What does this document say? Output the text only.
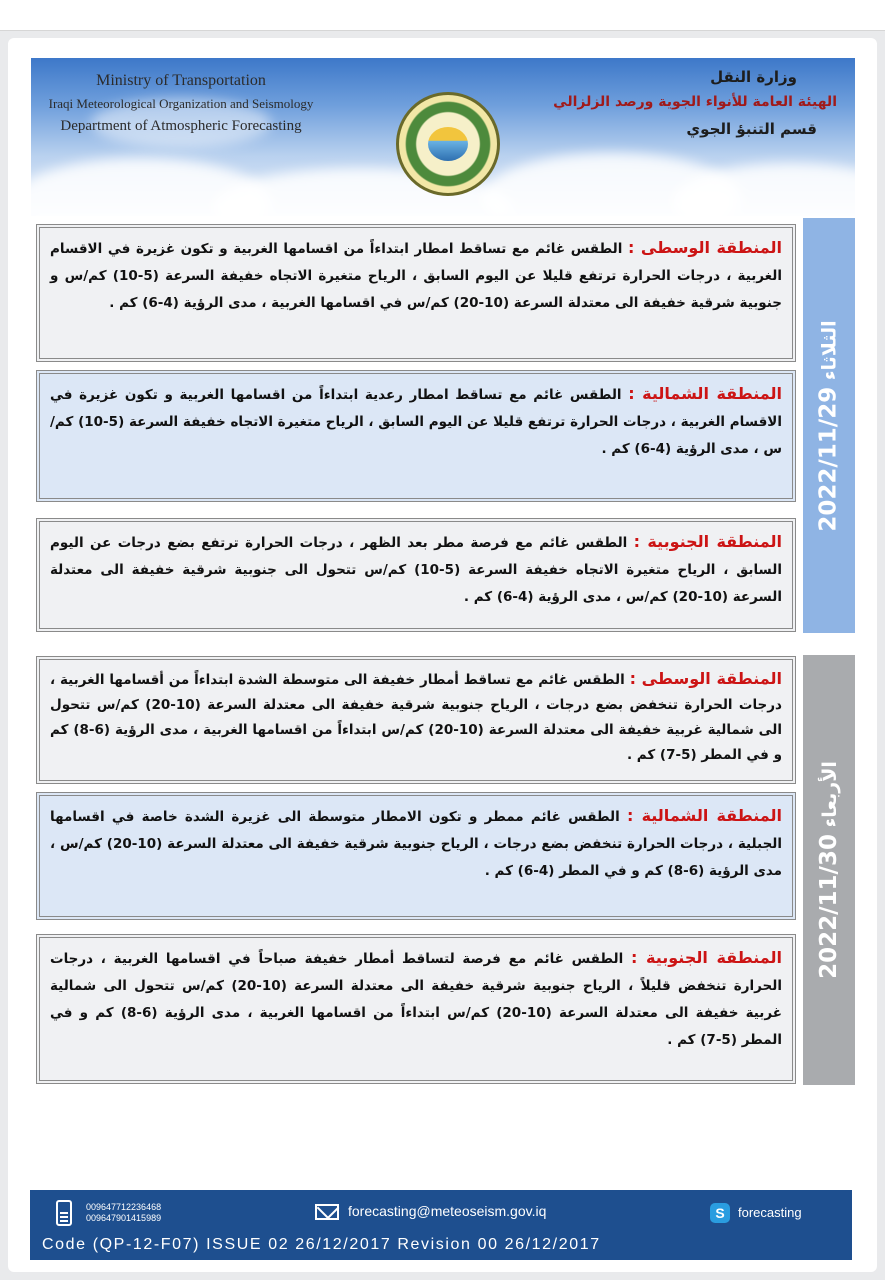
Ministry of Transportation
Iraqi Meteorological Organization and Seismology
Department of Atmospheric Forecasting
وزارة النقل
الهيئة العامة للأنواء الجوية ورصد الزلزالي
قسم التنبؤ الجوي
2022/11/29 الثلاثاء
المنطقة الوسطى : الطقس غائم مع تساقط امطار ابتداءاً من اقسامها الغربية و تكون غزيرة في الاقسام الغربية ، درجات الحرارة ترتفع قليلا عن اليوم السابق ، الرياح متغيرة الاتجاه خفيفة السرعة (5-10) كم/س و جنوبية شرقية خفيفة الى معتدلة السرعة (10-20) كم/س في اقسامها الغربية ، مدى الرؤية (4-6) كم .
المنطقة الشمالية : الطقس غائم مع تساقط امطار رعدية ابتداءاً من اقسامها الغربية و تكون غزيرة في الاقسام الغربية ، درجات الحرارة ترتفع قليلا عن اليوم السابق ، الرياح متغيرة الاتجاه خفيفة السرعة (5-10) كم/س ، مدى الرؤية (4-6) كم .
المنطقة الجنوبية : الطقس غائم مع فرصة مطر بعد الظهر ، درجات الحرارة ترتفع بضع درجات عن اليوم السابق ، الرياح متغيرة الاتجاه خفيفة السرعة (5-10) كم/س تتحول الى جنوبية شرقية خفيفة الى معتدلة السرعة (10-20) كم/س ، مدى الرؤية (4-6) كم .
2022/11/30 الأربعاء
المنطقة الوسطى : الطقس غائم مع تساقط أمطار خفيفة الى متوسطة الشدة ابتداءاً من أقسامها الغربية ، درجات الحرارة تنخفض بضع درجات ، الرياح جنوبية شرقية خفيفة الى معتدلة السرعة (10-20) كم/س تتحول الى شمالية غربية خفيفة الى معتدلة السرعة (10-20) كم/س ابتداءاً من اقسامها الغربية ، مدى الرؤية (6-8) كم و في المطر (5-7) كم .
المنطقة الشمالية : الطقس غائم ممطر و تكون الامطار متوسطة الى غزيرة الشدة خاصة في اقسامها الجبلية ، درجات الحرارة تنخفض بضع درجات ، الرياح جنوبية شرقية خفيفة الى معتدلة السرعة (10-20) كم/س ، مدى الرؤية (6-8) كم و في المطر (4-6) كم .
المنطقة الجنوبية : الطقس غائم مع فرصة لتساقط أمطار خفيفة صباحاً في اقسامها الغربية ، درجات الحرارة تنخفض قليلاً ، الرياح جنوبية شرقية خفيفة الى معتدلة السرعة (10-20) كم/س تتحول الى شمالية غربية خفيفة الى معتدلة السرعة (10-20) كم/س ابتداءاً من اقسامها الغربية ، مدى الرؤية (6-8) كم و في المطر (5-7) كم .
009647712236468
009647901415989	forecasting@meteoseism.gov.iq	S	forecasting
Code (QP-12-F07) ISSUE 02 26/12/2017 Revision 00 26/12/2017
